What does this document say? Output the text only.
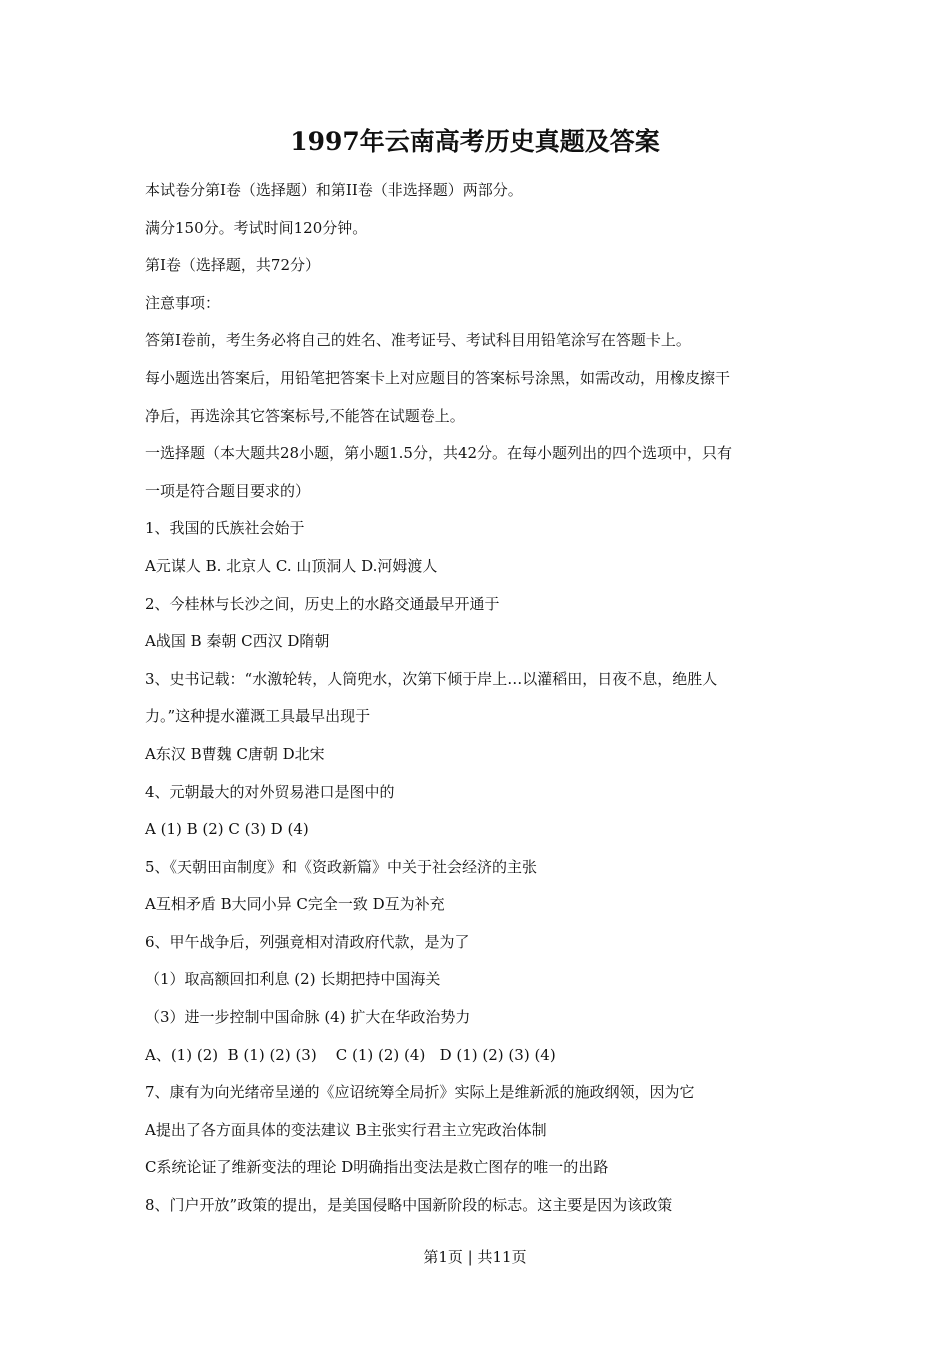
1997年云南高考历史真题及答案

本试卷分第I卷（选择题）和第II卷（非选择题）两部分。

满分150分。考试时间120分钟。

第I卷（选择题，共72分）

注意事项：

答第I卷前，考生务必将自己的姓名、准考证号、考试科目用铅笔涂写在答题卡上。

每小题选出答案后，用铅笔把答案卡上对应题目的答案标号涂黑，如需改动，用橡皮擦干

净后，再选涂其它答案标号,不能答在试题卷上。

一选择题（本大题共28小题，第小题1.5分，共42分。在每小题列出的四个选项中，只有

一项是符合题目要求的）

1、我国的氏族社会始于

A元谋人 B. 北京人 C. 山顶洞人 D.河姆渡人

2、今桂林与长沙之间，历史上的水路交通最早开通于

A战国 B 秦朝 C西汉 D隋朝

3、史书记载：“水激轮转，人筒兜水，次第下倾于岸上…以灌稻田，日夜不息，绝胜人

力。”这种提水灌溉工具最早出现于

A东汉 B曹魏 C唐朝 D北宋

4、元朝最大的对外贸易港口是图中的

A (1) B (2) C (3) D (4)

5、《天朝田亩制度》和《资政新篇》中关于社会经济的主张

A互相矛盾 B大同小异 C完全一致 D互为补充

6、甲午战争后，列强竟相对清政府代款，是为了

（1）取高额回扣利息 (2) 长期把持中国海关

（3）进一步控制中国命脉 (4) 扩大在华政治势力

A、(1) (2)  B (1) (2) (3)    C (1) (2) (4)   D (1) (2) (3) (4)

7、康有为向光绪帝呈递的《应诏统筹全局折》实际上是维新派的施政纲领，因为它

A提出了各方面具体的变法建议 B主张实行君主立宪政治体制

C系统论证了维新变法的理论 D明确指出变法是救亡图存的唯一的出路

8、门户开放”政策的提出，是美国侵略中国新阶段的标志。这主要是因为该政策

第1页 | 共11页
